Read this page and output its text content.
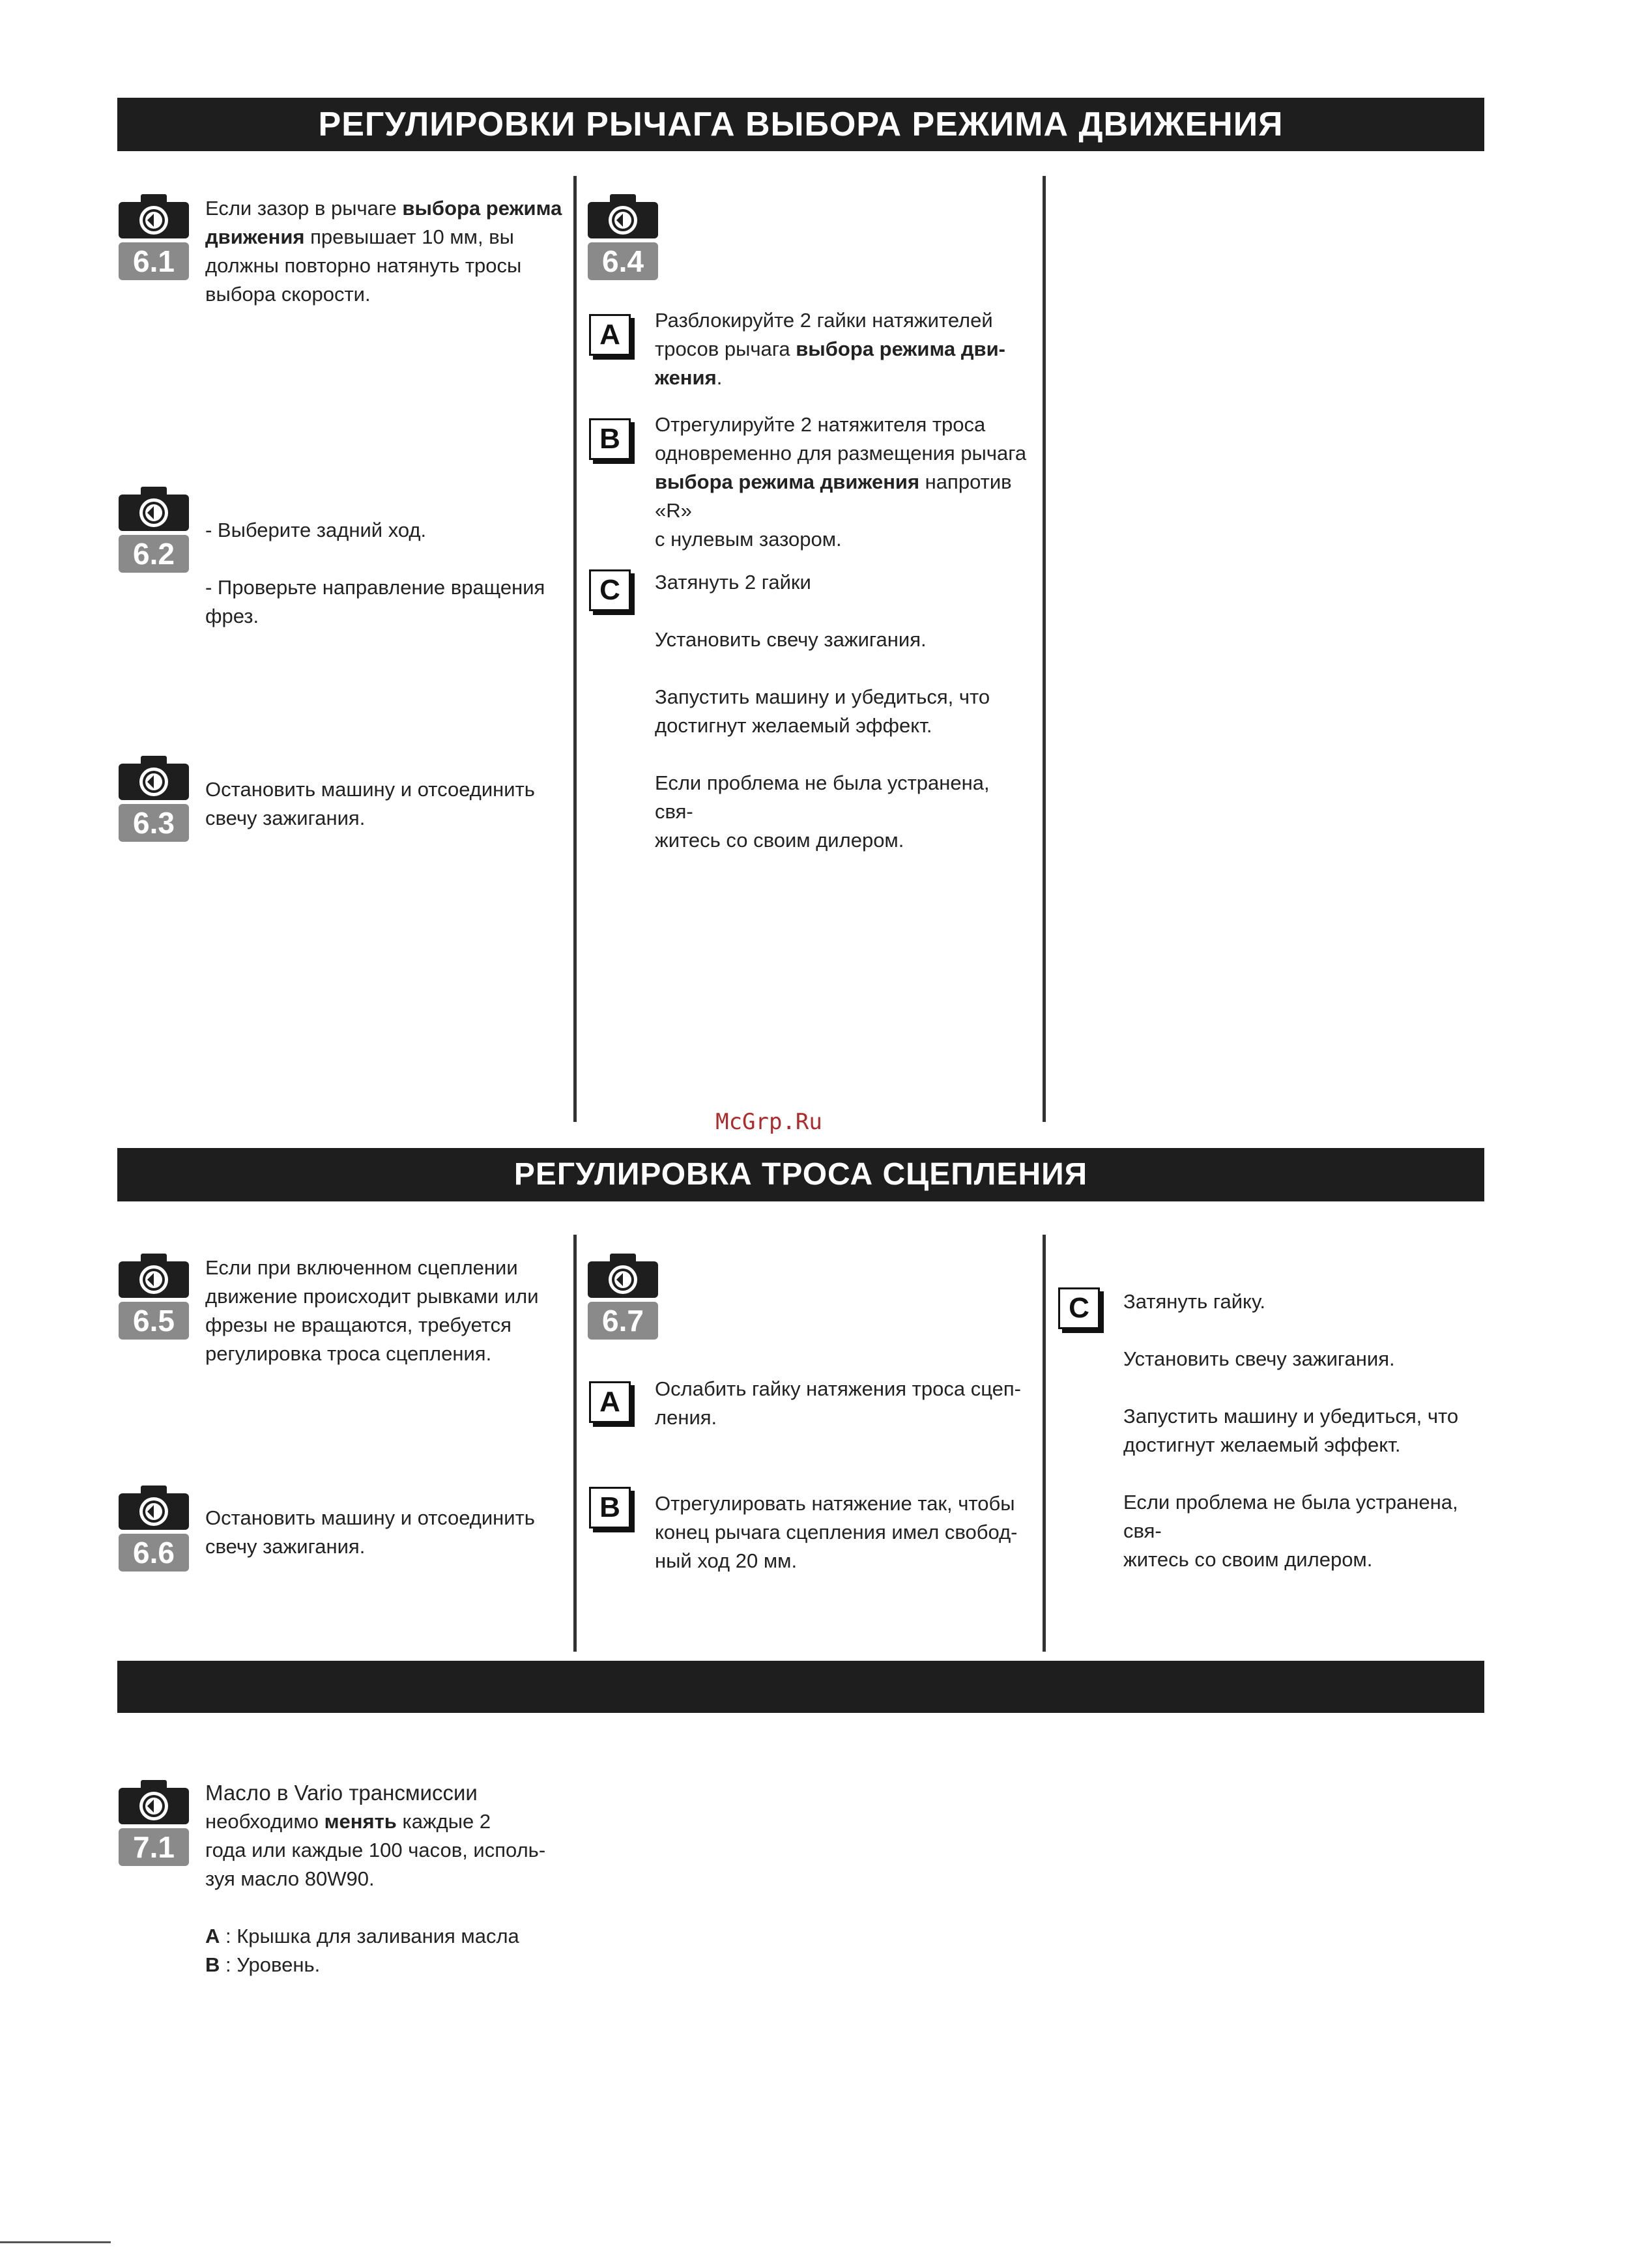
РЕГУЛИРОВКИ РЫЧАГА ВЫБОРА РЕЖИМА ДВИЖЕНИЯ
6.1

Если зазор в рычаге выбора режима

движения превышает 10 мм, вы

должны повторно натянуть тросы

выбора скорости.

6.2

- Выберите задний ход.

- Проверьте направление вращения

фрез.

6.3

Остановить машину и отсоединить

свечу зажигания.

6.4
A	Разблокируйте 2 гайки натяжителей

тросов рычага выбора режима дви-

жения.

B	Отрегулируйте 2 натяжителя троса

одновременно для размещения рычага

выбора режима движения напротив «R»

с нулевым зазором.

C	Затянуть 2 гайки

Установить свечу зажигания.

Запустить машину и убедиться, что

достигнут желаемый эффект.

Если проблема не была устранена, свя-

житесь со своим дилером.

McGrp.Ru
РЕГУЛИРОВКА ТРОСА СЦЕПЛЕНИЯ
6.5

Если при включенном сцеплении

движение происходит рывками или

фрезы не вращаются, требуется

регулировка троса сцепления.

6.6

Остановить машину и отсоединить

свечу зажигания.

6.7
A	Ослабить гайку натяжения троса сцеп-

ления.

B	Отрегулировать натяжение так, чтобы

конец рычага сцепления имел свобод-

ный ход 20 мм.

C	Затянуть гайку.

Установить свечу зажигания.

Запустить машину и убедиться, что

достигнут желаемый эффект.

Если проблема не была устранена, свя-

житесь со своим дилером.

7.1

Масло в Vario трансмиссии

необходимо менять каждые 2

года или каждые 100 часов, исполь-

зуя масло 80W90.

A : Крышка для заливания масла

B : Уровень.
